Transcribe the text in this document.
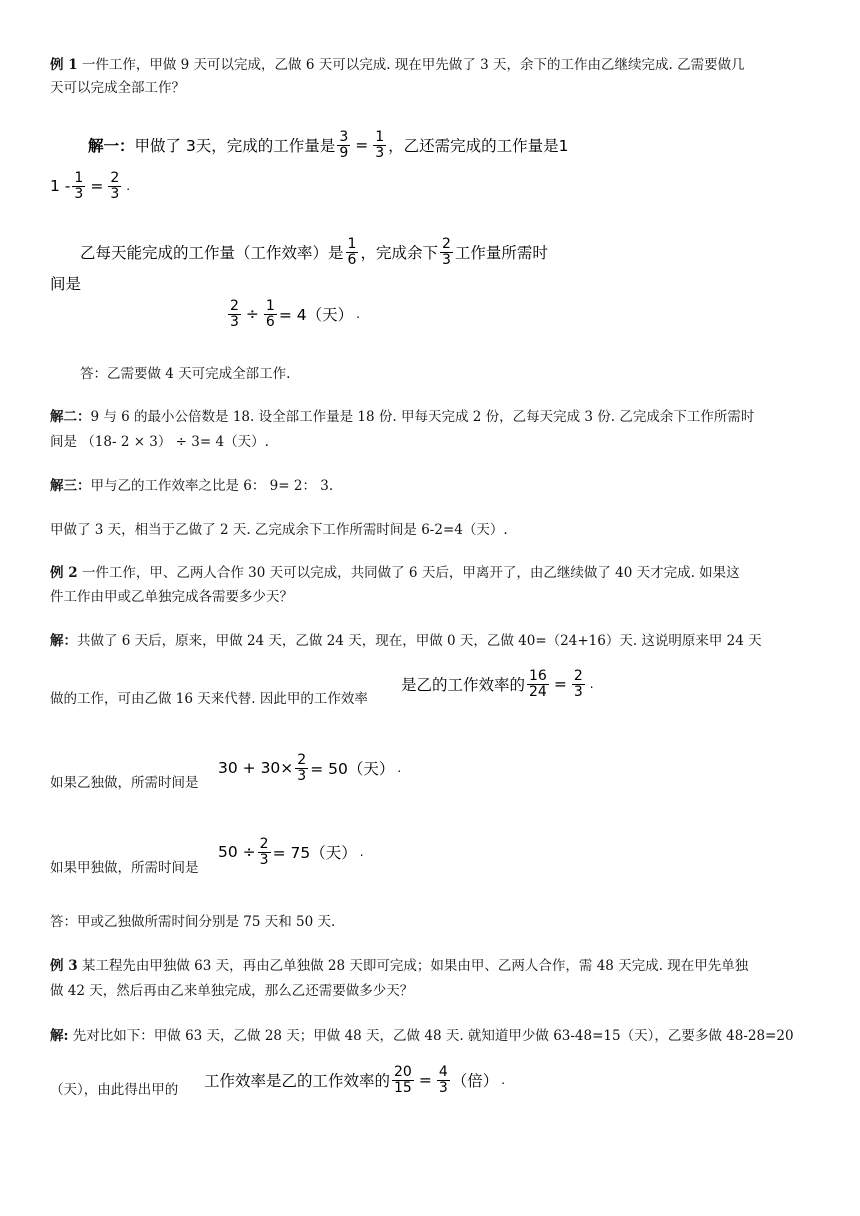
例 1 一件工作，甲做 9 天可以完成，乙做 6 天可以完成. 现在甲先做了 3 天，余下的工作由乙继续完成. 乙需要做几
天可以完成全部工作？
解一： 甲做了 3天，完成的工作量是 $\frac{3}{9} = \frac{1}{3}$ ，乙还需完成的工作量是1
$1 - \frac{1}{3} = \frac{2}{3}$ .
乙每天能完成的工作量（工作效率）是 $\frac{1}{6}$ ，完成余下 $\frac{2}{3}$ 工作量所需时
间是
$\frac{2}{3} \div \frac{1}{6} = 4$（天） .
答：乙需要做 4 天可完成全部工作.
解二：9 与 6 的最小公倍数是 18. 设全部工作量是 18 份. 甲每天完成 2 份，乙每天完成 3 份. 乙完成余下工作所需时
间是 （18- 2 × 3） ÷ 3= 4（天）.
解三：甲与乙的工作效率之比是 6： 9= 2： 3.
甲做了 3 天，相当于乙做了 2 天. 乙完成余下工作所需时间是 6-2=4（天）.
例 2 一件工作，甲、乙两人合作 30 天可以完成，共同做了 6 天后，甲离开了，由乙继续做了 40 天才完成. 如果这
件工作由甲或乙单独完成各需要多少天？
解：共做了 6 天后，原来，甲做 24 天，乙做 24 天，现在，甲做 0 天，乙做 40=（24+16）天. 这说明原来甲 24 天
做的工作，可由乙做 16 天来代替. 因此甲的工作效率
是乙的工作效率的 $\frac{16}{24} = \frac{2}{3}$ .
$30 + 30\times \frac{2}{3} = 50$（天） .
如果乙独做，所需时间是
$50 \div \frac{2}{3} = 75$（天） .
如果甲独做，所需时间是
答：甲或乙独做所需时间分别是 75 天和 50 天.
例 3 某工程先由甲独做 63 天，再由乙单独做 28 天即可完成；如果由甲、乙两人合作，需 48 天完成. 现在甲先单独
做 42 天，然后再由乙来单独完成，那么乙还需要做多少天？
解: 先对比如下：甲做 63 天，乙做 28 天；甲做 48 天，乙做 48 天. 就知道甲少做 63-48=15（天），乙要多做 48-28=20
工作效率是乙的工作效率的 $\frac{20}{15} = \frac{4}{3}$ （倍） .
（天），由此得出甲的
